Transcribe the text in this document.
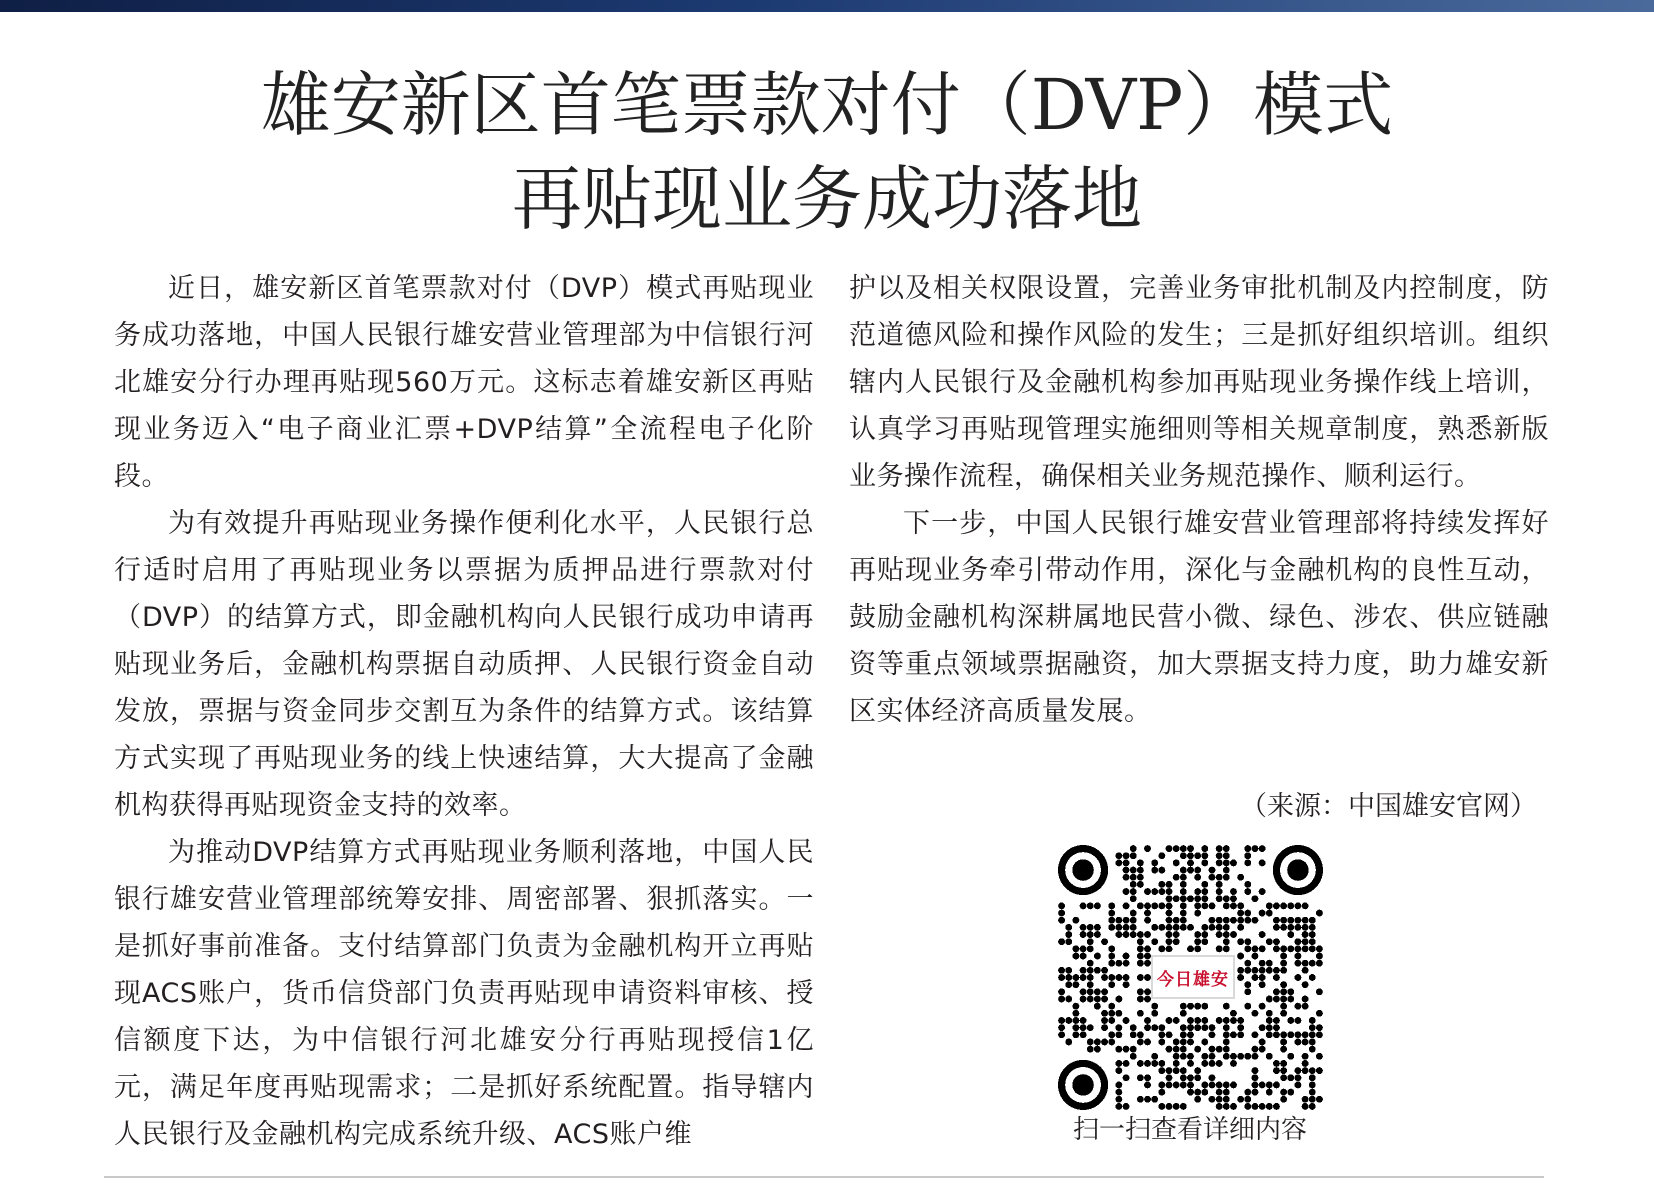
雄安新区首笔票款对付（DVP）模式
再贴现业务成功落地

近日，雄安新区首笔票款对付（DVP）模式再贴现业务成功落地，中国人民银行雄安营业管理部为中信银行河北雄安分行办理再贴现560万元。这标志着雄安新区再贴现业务迈入“电子商业汇票+DVP结算”全流程电子化阶段。

为有效提升再贴现业务操作便利化水平，人民银行总行适时启用了再贴现业务以票据为质押品进行票款对付（DVP）的结算方式，即金融机构向人民银行成功申请再贴现业务后，金融机构票据自动质押、人民银行资金自动发放，票据与资金同步交割互为条件的结算方式。该结算方式实现了再贴现业务的线上快速结算，大大提高了金融机构获得再贴现资金支持的效率。

为推动DVP结算方式再贴现业务顺利落地，中国人民银行雄安营业管理部统筹安排、周密部署、狠抓落实。一是抓好事前准备。支付结算部门负责为金融机构开立再贴现ACS账户，货币信贷部门负责再贴现申请资料审核、授信额度下达，为中信银行河北雄安分行再贴现授信1亿元，满足年度再贴现需求；二是抓好系统配置。指导辖内人民银行及金融机构完成系统升级、ACS账户维

护以及相关权限设置，完善业务审批机制及内控制度，防范道德风险和操作风险的发生；三是抓好组织培训。组织辖内人民银行及金融机构参加再贴现业务操作线上培训，认真学习再贴现管理实施细则等相关规章制度，熟悉新版业务操作流程，确保相关业务规范操作、顺利运行。

下一步，中国人民银行雄安营业管理部将持续发挥好再贴现业务牵引带动作用，深化与金融机构的良性互动，鼓励金融机构深耕属地民营小微、绿色、涉农、供应链融资等重点领域票据融资，加大票据支持力度，助力雄安新区实体经济高质量发展。

（来源：中国雄安官网）
今日雄安
扫一扫查看详细内容
